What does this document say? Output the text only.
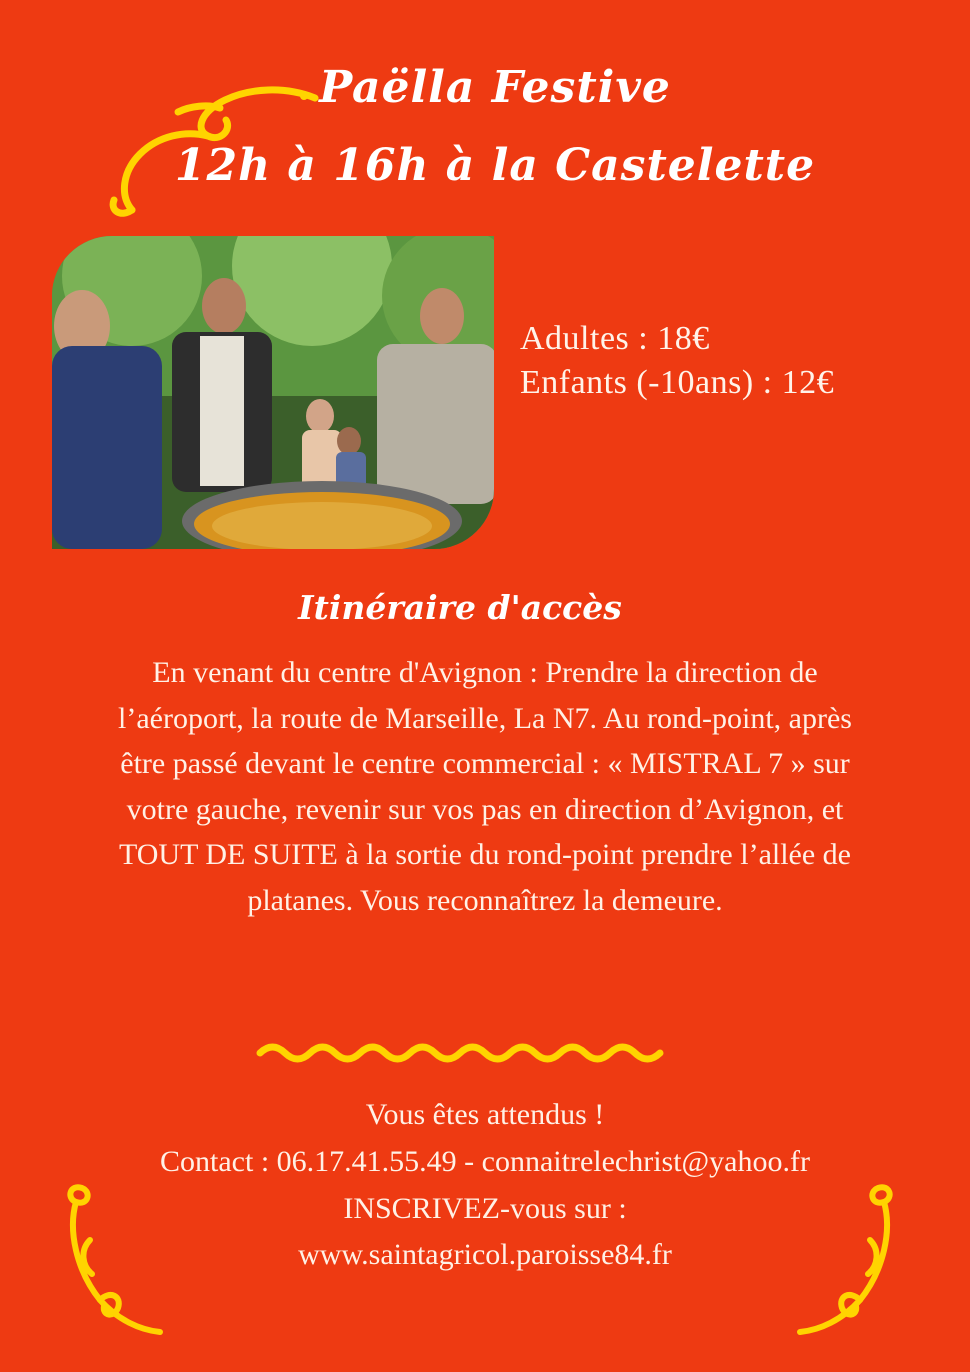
Paëlla Festive
12h à 16h à la Castelette

Adultes : 18€

Enfants (-10ans) : 12€

Itinéraire d'accès

En venant du centre d'Avignon : Prendre la direction de l’aéroport, la route de Marseille, La N7. Au rond-point, après être passé devant le centre commercial : « MISTRAL 7 » sur votre gauche, revenir sur vos pas en direction d’Avignon, et TOUT DE SUITE à la sortie du rond-point prendre l’allée de platanes. Vous reconnaîtrez la demeure.

Vous êtes attendus !

Contact : 06.17.41.55.49 - connaitrelechrist@yahoo.fr

INSCRIVEZ-vous sur :

www.saintagricol.paroisse84.fr
